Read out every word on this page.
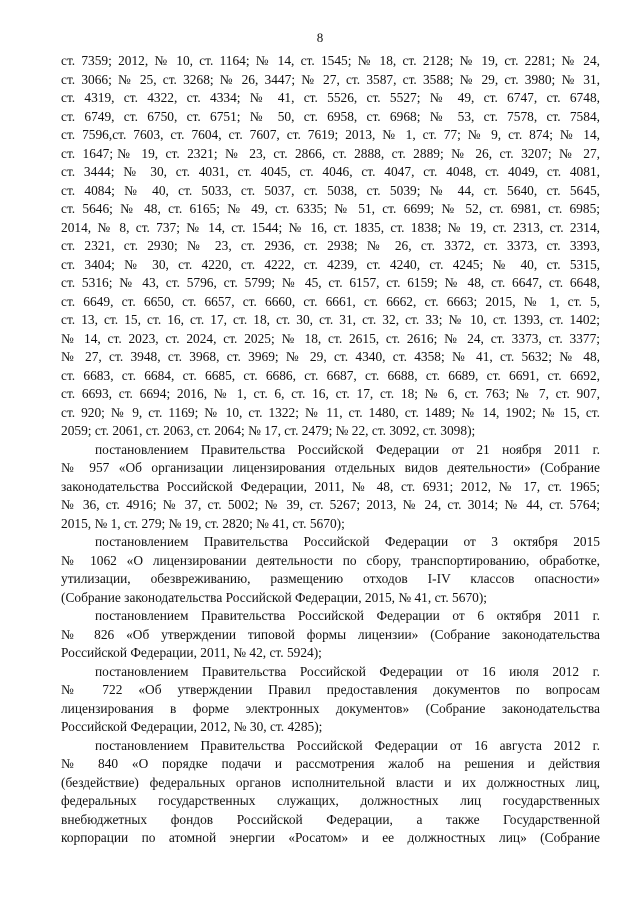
8
ст. 7359; 2012, № 10, ст. 1164; № 14, ст. 1545; № 18, ст. 2128; № 19, ст. 2281; № 24,
ст. 3066; № 25, ст. 3268; № 26, 3447; № 27, ст. 3587, ст. 3588; № 29, ст. 3980; № 31,
ст. 4319, ст. 4322, ст. 4334; № 41, ст. 5526, ст. 5527; № 49, ст. 6747, ст. 6748,
ст. 6749, ст. 6750, ст. 6751; № 50, ст. 6958, ст. 6968; № 53, ст. 7578, ст. 7584,
ст. 7596,ст. 7603, ст. 7604, ст. 7607, ст. 7619; 2013, № 1, ст. 77; № 9, ст. 874; № 14,
ст. 1647;№ 19, ст. 2321; № 23, ст. 2866, ст. 2888, ст. 2889; № 26, ст. 3207; № 27,
ст. 3444; № 30, ст. 4031, ст. 4045, ст. 4046, ст. 4047, ст. 4048, ст. 4049, ст. 4081,
ст. 4084; № 40, ст. 5033, ст. 5037, ст. 5038, ст. 5039; № 44, ст. 5640, ст. 5645,
ст. 5646; № 48, ст. 6165; № 49, ст. 6335; № 51, ст. 6699; № 52, ст. 6981, ст. 6985;
2014, № 8, ст. 737; № 14, ст. 1544; № 16, ст. 1835, ст. 1838; № 19, ст. 2313, ст. 2314,
ст. 2321, ст. 2930; № 23, ст. 2936, ст. 2938; № 26, ст. 3372, ст. 3373, ст. 3393,
ст. 3404; № 30, ст. 4220, ст. 4222, ст. 4239, ст. 4240, ст. 4245; № 40, ст. 5315,
ст. 5316; № 43, ст. 5796, ст. 5799; № 45, ст. 6157, ст. 6159; № 48, ст. 6647, ст. 6648,
ст. 6649, ст. 6650, ст. 6657, ст. 6660, ст. 6661, ст. 6662, ст. 6663; 2015, № 1, ст. 5,
ст. 13, ст. 15, ст. 16, ст. 17, ст. 18, ст. 30, ст. 31, ст. 32, ст. 33; № 10, ст. 1393, ст. 1402;
№ 14, ст. 2023, ст. 2024, ст. 2025; № 18, ст. 2615, ст. 2616; № 24, ст. 3373, ст. 3377;
№ 27, ст. 3948, ст. 3968, ст. 3969; № 29, ст. 4340, ст. 4358; № 41, ст. 5632; № 48,
ст. 6683, ст. 6684, ст. 6685, ст. 6686, ст. 6687, ст. 6688, ст. 6689, ст. 6691, ст. 6692,
ст. 6693, ст. 6694; 2016, № 1, ст. 6, ст. 16, ст. 17, ст. 18; № 6, ст. 763; № 7, ст. 907,
ст. 920; № 9, ст. 1169; № 10, ст. 1322; № 11, ст. 1480, ст. 1489; № 14, 1902; № 15, ст.
2059; ст. 2061, ст. 2063, ст. 2064; № 17, ст. 2479; № 22, ст. 3092, ст. 3098);
постановлением Правительства Российской Федерации от 21 ноября 2011 г.
№ 957 «Об организации лицензирования отдельных видов деятельности» (Собрание
законодательства Российской Федерации, 2011, № 48, ст. 6931; 2012, № 17, ст. 1965;
№ 36, ст. 4916; № 37, ст. 5002; № 39, ст. 5267; 2013, № 24, ст. 3014; № 44, ст. 5764;
2015, № 1, ст. 279; № 19, ст. 2820; № 41, ст. 5670);
постановлением Правительства Российской Федерации от 3 октября 2015
№ 1062 «О лицензировании деятельности по сбору, транспортированию, обработке,
утилизации, обезвреживанию, размещению отходов I-IV классов опасности»
(Собрание законодательства Российской Федерации, 2015, № 41, ст. 5670);
постановлением Правительства Российской Федерации от 6 октября 2011 г.
№ 826 «Об утверждении типовой формы лицензии» (Собрание законодательства
Российской Федерации, 2011, № 42, ст. 5924);
постановлением Правительства Российской Федерации от 16 июля 2012 г.
№ 722 «Об утверждении Правил предоставления документов по вопросам
лицензирования в форме электронных документов» (Собрание законодательства
Российской Федерации, 2012, № 30, ст. 4285);
постановлением Правительства Российской Федерации от 16 августа 2012 г.
№ 840 «О порядке подачи и рассмотрения жалоб на решения и действия
(бездействие) федеральных органов исполнительной власти и их должностных лиц,
федеральных государственных служащих, должностных лиц государственных
внебюджетных фондов Российской Федерации, а также Государственной
корпорации по атомной энергии «Росатом» и ее должностных лиц» (Собрание
